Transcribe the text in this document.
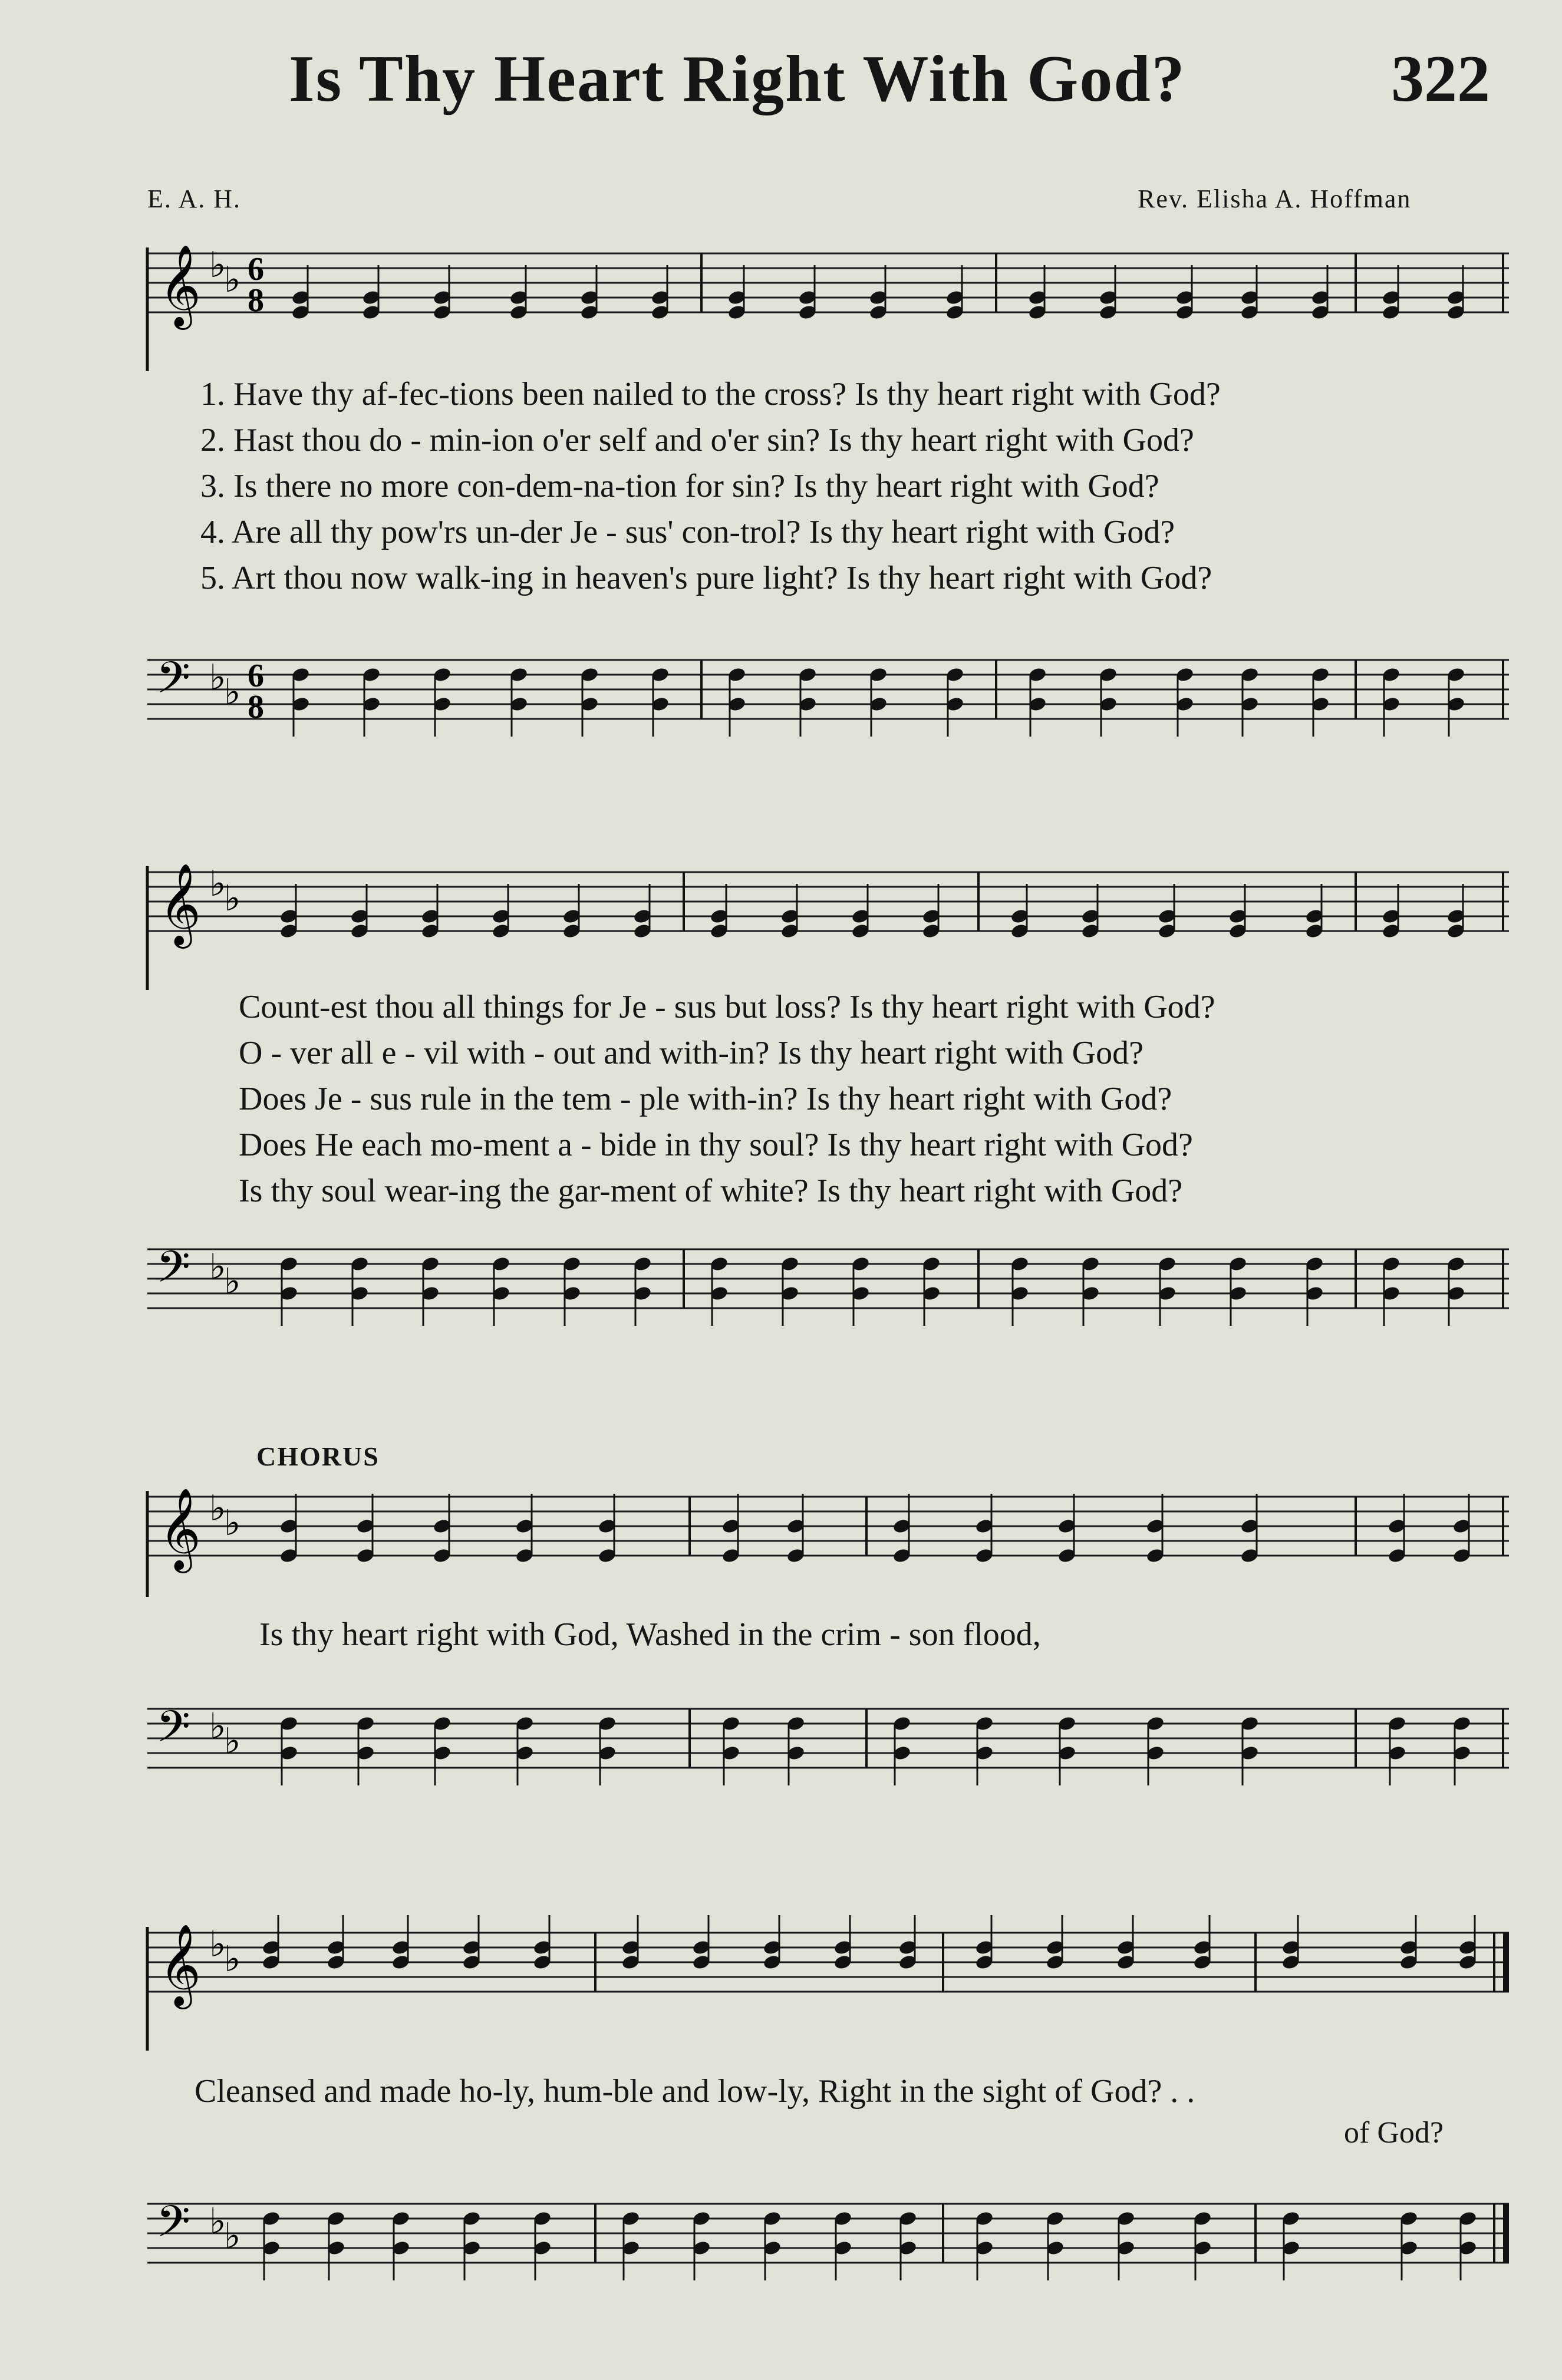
Is Thy Heart Right With God?	322
E. A. H.	Rev. Elisha A. Hoffman
𝄞 ♭
♭ 6
8
1. Have thy af-fec-tions been nailed to the cross? Is thy heart right with God?
2. Hast thou do - min-ion o'er self and o'er sin? Is thy heart right with God?
3. Is there no more con-dem-na-tion for sin? Is thy heart right with God?
4. Are all thy pow'rs un-der Je - sus' con-trol? Is thy heart right with God?
5. Art thou now walk-ing in heaven's pure light? Is thy heart right with God?
𝄢 ♭
♭ 6
8
𝄞 ♭
♭
Count-est thou all things for Je - sus but loss? Is thy heart right with God?
O - ver all e - vil with - out and with-in? Is thy heart right with God?
Does Je - sus rule in the tem - ple with-in? Is thy heart right with God?
Does He each mo-ment a - bide in thy soul? Is thy heart right with God?
Is thy soul wear-ing the gar-ment of white? Is thy heart right with God?
𝄢 ♭
♭
CHORUS
𝄞 ♭
♭
Is thy heart right with God, Washed in the crim - son flood,
𝄢 ♭
♭
𝄞 ♭
♭
Cleansed and made ho-ly, hum-ble and low-ly, Right in the sight of God? . .
of God?
𝄢 ♭
♭
